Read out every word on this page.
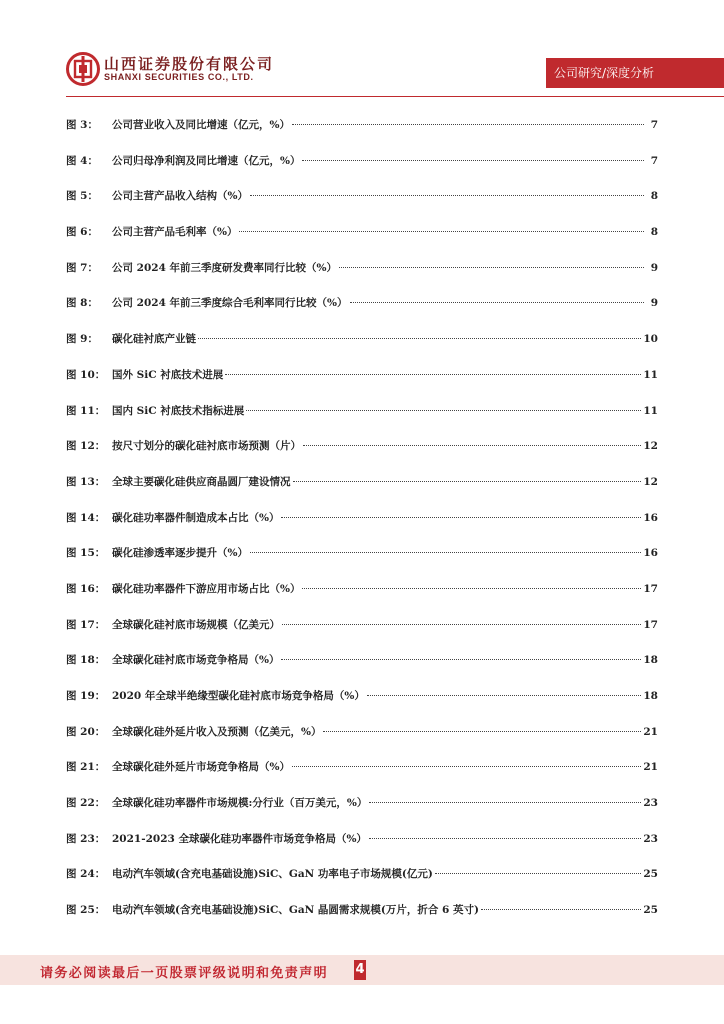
山西证券股份有限公司
SHANXI SECURITIES CO., LTD.	公司研究/深度分析
图 3：	公司营业收入及同比增速（亿元，%）	7
图 4：	公司归母净利润及同比增速（亿元，%）	7
图 5：	公司主营产品收入结构（%）	8
图 6：	公司主营产品毛利率（%）	8
图 7：	公司 2024 年前三季度研发费率同行比较（%）	9
图 8：	公司 2024 年前三季度综合毛利率同行比较（%）	9
图 9：	碳化硅衬底产业链	10
图 10： 国外 SiC 衬底技术进展	11
图 11： 国内 SiC 衬底技术指标进展	11
图 12： 按尺寸划分的碳化硅衬底市场预测（片）	12
图 13： 全球主要碳化硅供应商晶圆厂建设情况	12
图 14： 碳化硅功率器件制造成本占比（%）	16
图 15： 碳化硅渗透率逐步提升（%）	16
图 16： 碳化硅功率器件下游应用市场占比（%）	17
图 17： 全球碳化硅衬底市场规模（亿美元）	17
图 18： 全球碳化硅衬底市场竞争格局（%）	18
图 19： 2020 年全球半绝缘型碳化硅衬底市场竞争格局（%）	18
图 20： 全球碳化硅外延片收入及预测（亿美元，%）	21
图 21： 全球碳化硅外延片市场竞争格局（%）	21
图 22： 全球碳化硅功率器件市场规模:分行业（百万美元，%）	23
图 23： 2021-2023 全球碳化硅功率器件市场竞争格局（%）	23
图 24： 电动汽车领域(含充电基础设施)SiC、GaN 功率电子市场规模(亿元)	25
图 25： 电动汽车领域(含充电基础设施)SiC、GaN 晶圆需求规模(万片，折合 6 英寸)	25
请务必阅读最后一页股票评级说明和免责声明 4
